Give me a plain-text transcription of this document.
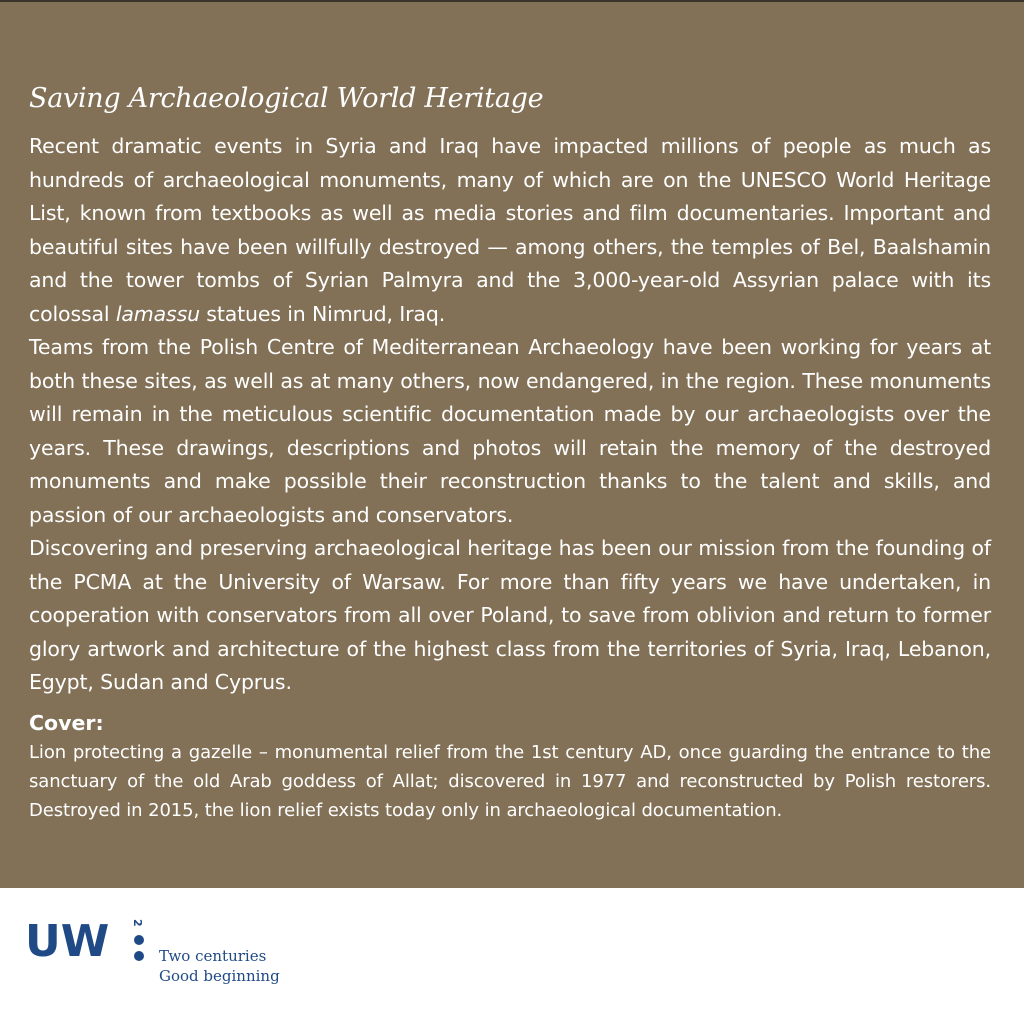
Saving Archaeological World Heritage

Recent dramatic events in Syria and Iraq have impacted millions of people as much as hundreds of archaeological monuments, many of which are on the UNESCO World Heritage List, known from textbooks as well as media stories and film documentaries. Important and beautiful sites have been willfully destroyed — among others, the temples of Bel, Baalshamin and the tower tombs of Syrian Palmyra and the 3,000-year-old Assyrian palace with its colossal lamassu statues in Nimrud, Iraq.

Teams from the Polish Centre of Mediterranean Archaeology have been working for years at both these sites, as well as at many others, now endangered, in the region. These monuments will remain in the meticulous scientific documentation made by our archaeologists over the years. These drawings, descriptions and photos will retain the memory of the destroyed monuments and make possible their reconstruction thanks to the talent and skills, and passion of our archaeologists and conservators.

Discovering and preserving archaeological heritage has been our mission from the founding of the PCMA at the University of Warsaw. For more than fifty years we have undertaken, in cooperation with conservators from all over Poland, to save from oblivion and return to former glory artwork and architecture of the highest class from the territories of Syria, Iraq, Lebanon, Egypt, Sudan and Cyprus.

Cover:

Lion protecting a gazelle – monumental relief from the 1st century AD, once guarding the entrance to the sanctuary of the old Arab goddess of Allat; discovered in 1977 and reconstructed by Polish restorers. Destroyed in 2015, the lion relief exists today only in archaeological documentation.

UW 2
Two centuries
Good beginning
